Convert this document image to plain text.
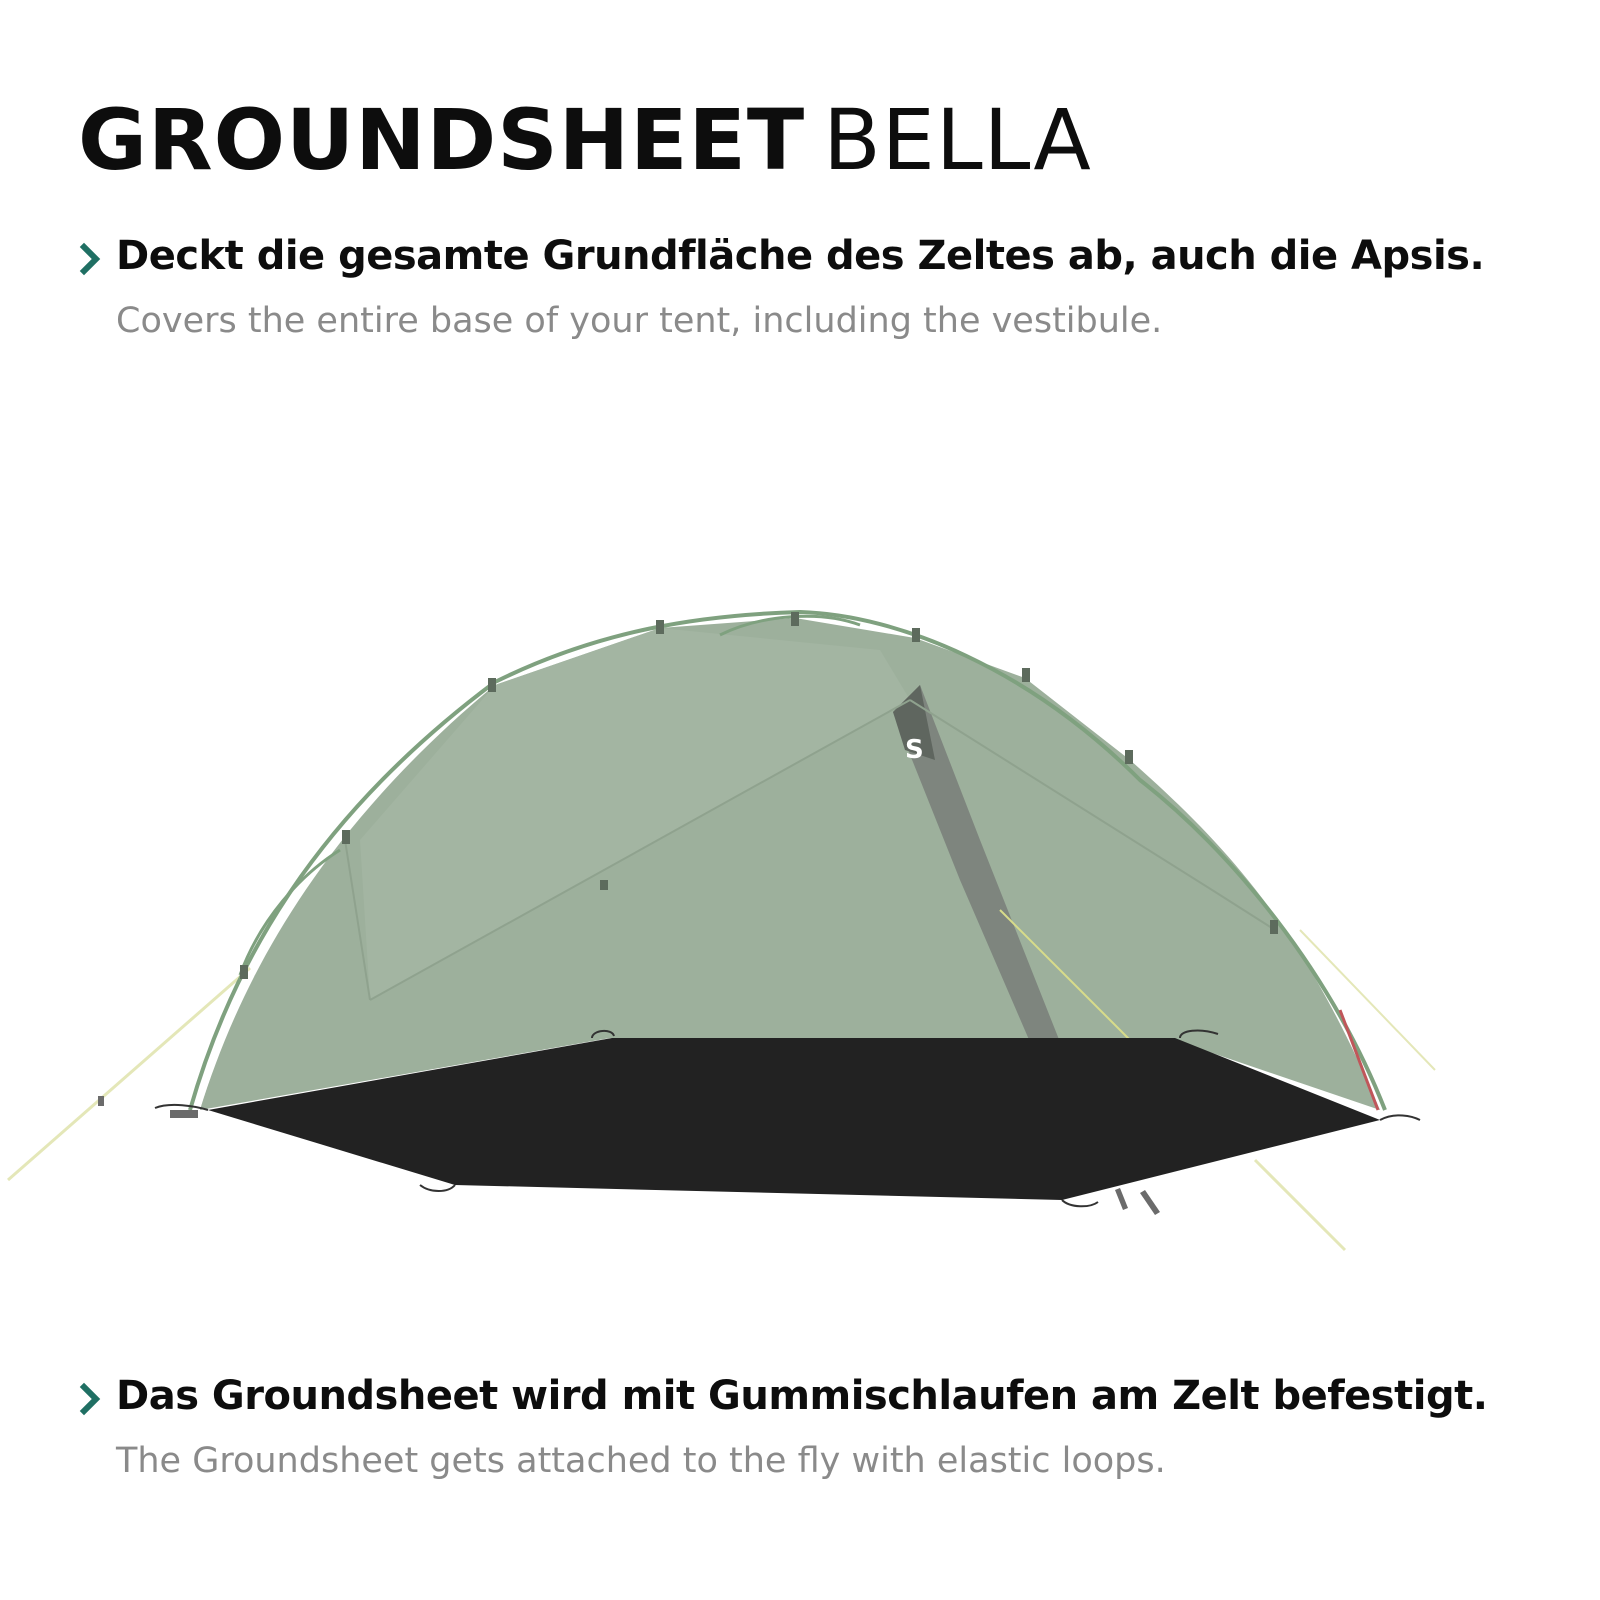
GROUNDSHEET BELLA
Deckt die gesamte Grundfläche des Zeltes ab, auch die Apsis.
Covers the entire base of your tent, including the vestibule.
S
Das Groundsheet wird mit Gummischlaufen am Zelt befestigt.
The Groundsheet gets attached to the fly with elastic loops.
